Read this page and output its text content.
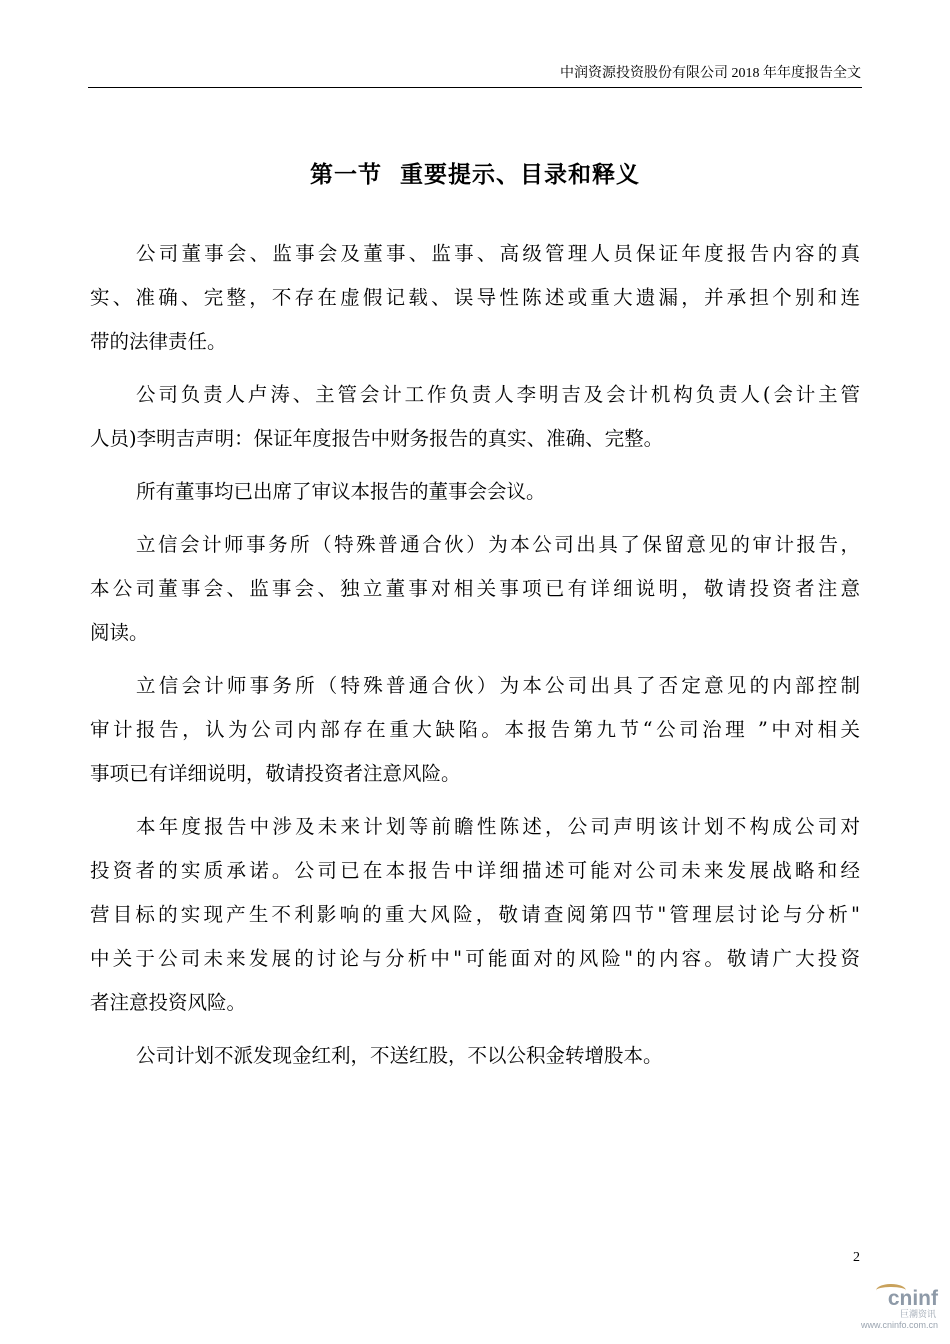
中润资源投资股份有限公司 2018 年年度报告全文
第一节  重要提示、目录和释义
公司董事会、监事会及董事、监事、高级管理人员保证年度报告内容的真
实、准确、完整，不存在虚假记载、误导性陈述或重大遗漏，并承担个别和连
带的法律责任。
公司负责人卢涛、主管会计工作负责人李明吉及会计机构负责人(会计主管
人员)李明吉声明：保证年度报告中财务报告的真实、准确、完整。
所有董事均已出席了审议本报告的董事会会议。
立信会计师事务所（特殊普通合伙）为本公司出具了保留意见的审计报告，
本公司董事会、监事会、独立董事对相关事项已有详细说明，敬请投资者注意
阅读。
立信会计师事务所（特殊普通合伙）为本公司出具了否定意见的内部控制
审计报告，认为公司内部存在重大缺陷。本报告第九节“公司治理 ”中对相关
事项已有详细说明，敬请投资者注意风险。
本年度报告中涉及未来计划等前瞻性陈述，公司声明该计划不构成公司对
投资者的实质承诺。公司已在本报告中详细描述可能对公司未来发展战略和经
营目标的实现产生不利影响的重大风险，敬请查阅第四节"管理层讨论与分析"
中关于公司未来发展的讨论与分析中"可能面对的风险"的内容。敬请广大投资
者注意投资风险。
公司计划不派发现金红利，不送红股，不以公积金转增股本。
2
cninf
巨潮资讯
www.cninfo.com.cn
